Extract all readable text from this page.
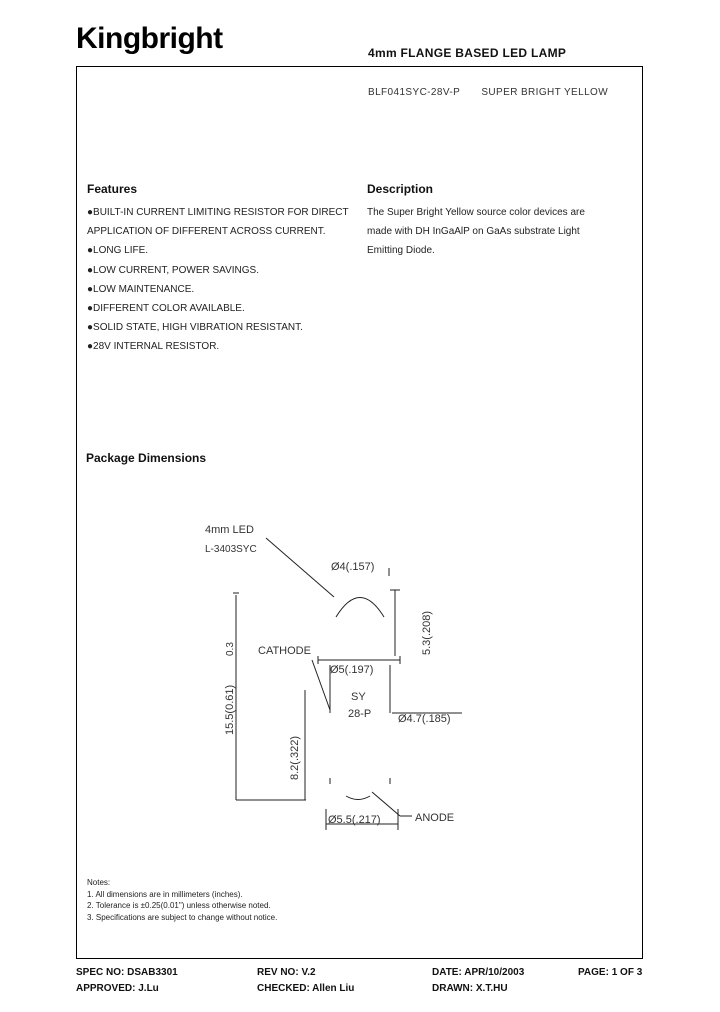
Kingbright	4mm FLANGE BASED LED LAMP
BLF041SYC-28V-P SUPER BRIGHT YELLOW
Features
●BUILT-IN CURRENT LIMITING RESISTOR FOR DIRECT
APPLICATION OF DIFFERENT ACROSS CURRENT.
●LONG LIFE.
●LOW CURRENT, POWER SAVINGS.
●LOW MAINTENANCE.
●DIFFERENT COLOR AVAILABLE.
●SOLID STATE, HIGH VIBRATION RESISTANT.
●28V INTERNAL RESISTOR.
Description
The Super Bright Yellow source color devices are
made with DH InGaAlP on GaAs substrate Light
Emitting Diode.
Package Dimensions
4mm LED
L-3403SYC
Ø4(.157)
5.3(.208)
15.5(0.61)
0.3 CATHODE
Ø5(.197)
SY
28-P Ø4.7(.185)
8.2(.322)
Ø5.5(.217)	ANODE
Notes:
1. All dimensions are in millimeters (inches).
2. Tolerance is ±0.25(0.01") unless otherwise noted.
3. Specifications are subject to change without notice.
SPEC NO: DSAB3301	REV NO: V.2	DATE: APR/10/2003	PAGE: 1 OF 3
APPROVED: J.Lu	CHECKED: Allen Liu	DRAWN: X.T.HU
